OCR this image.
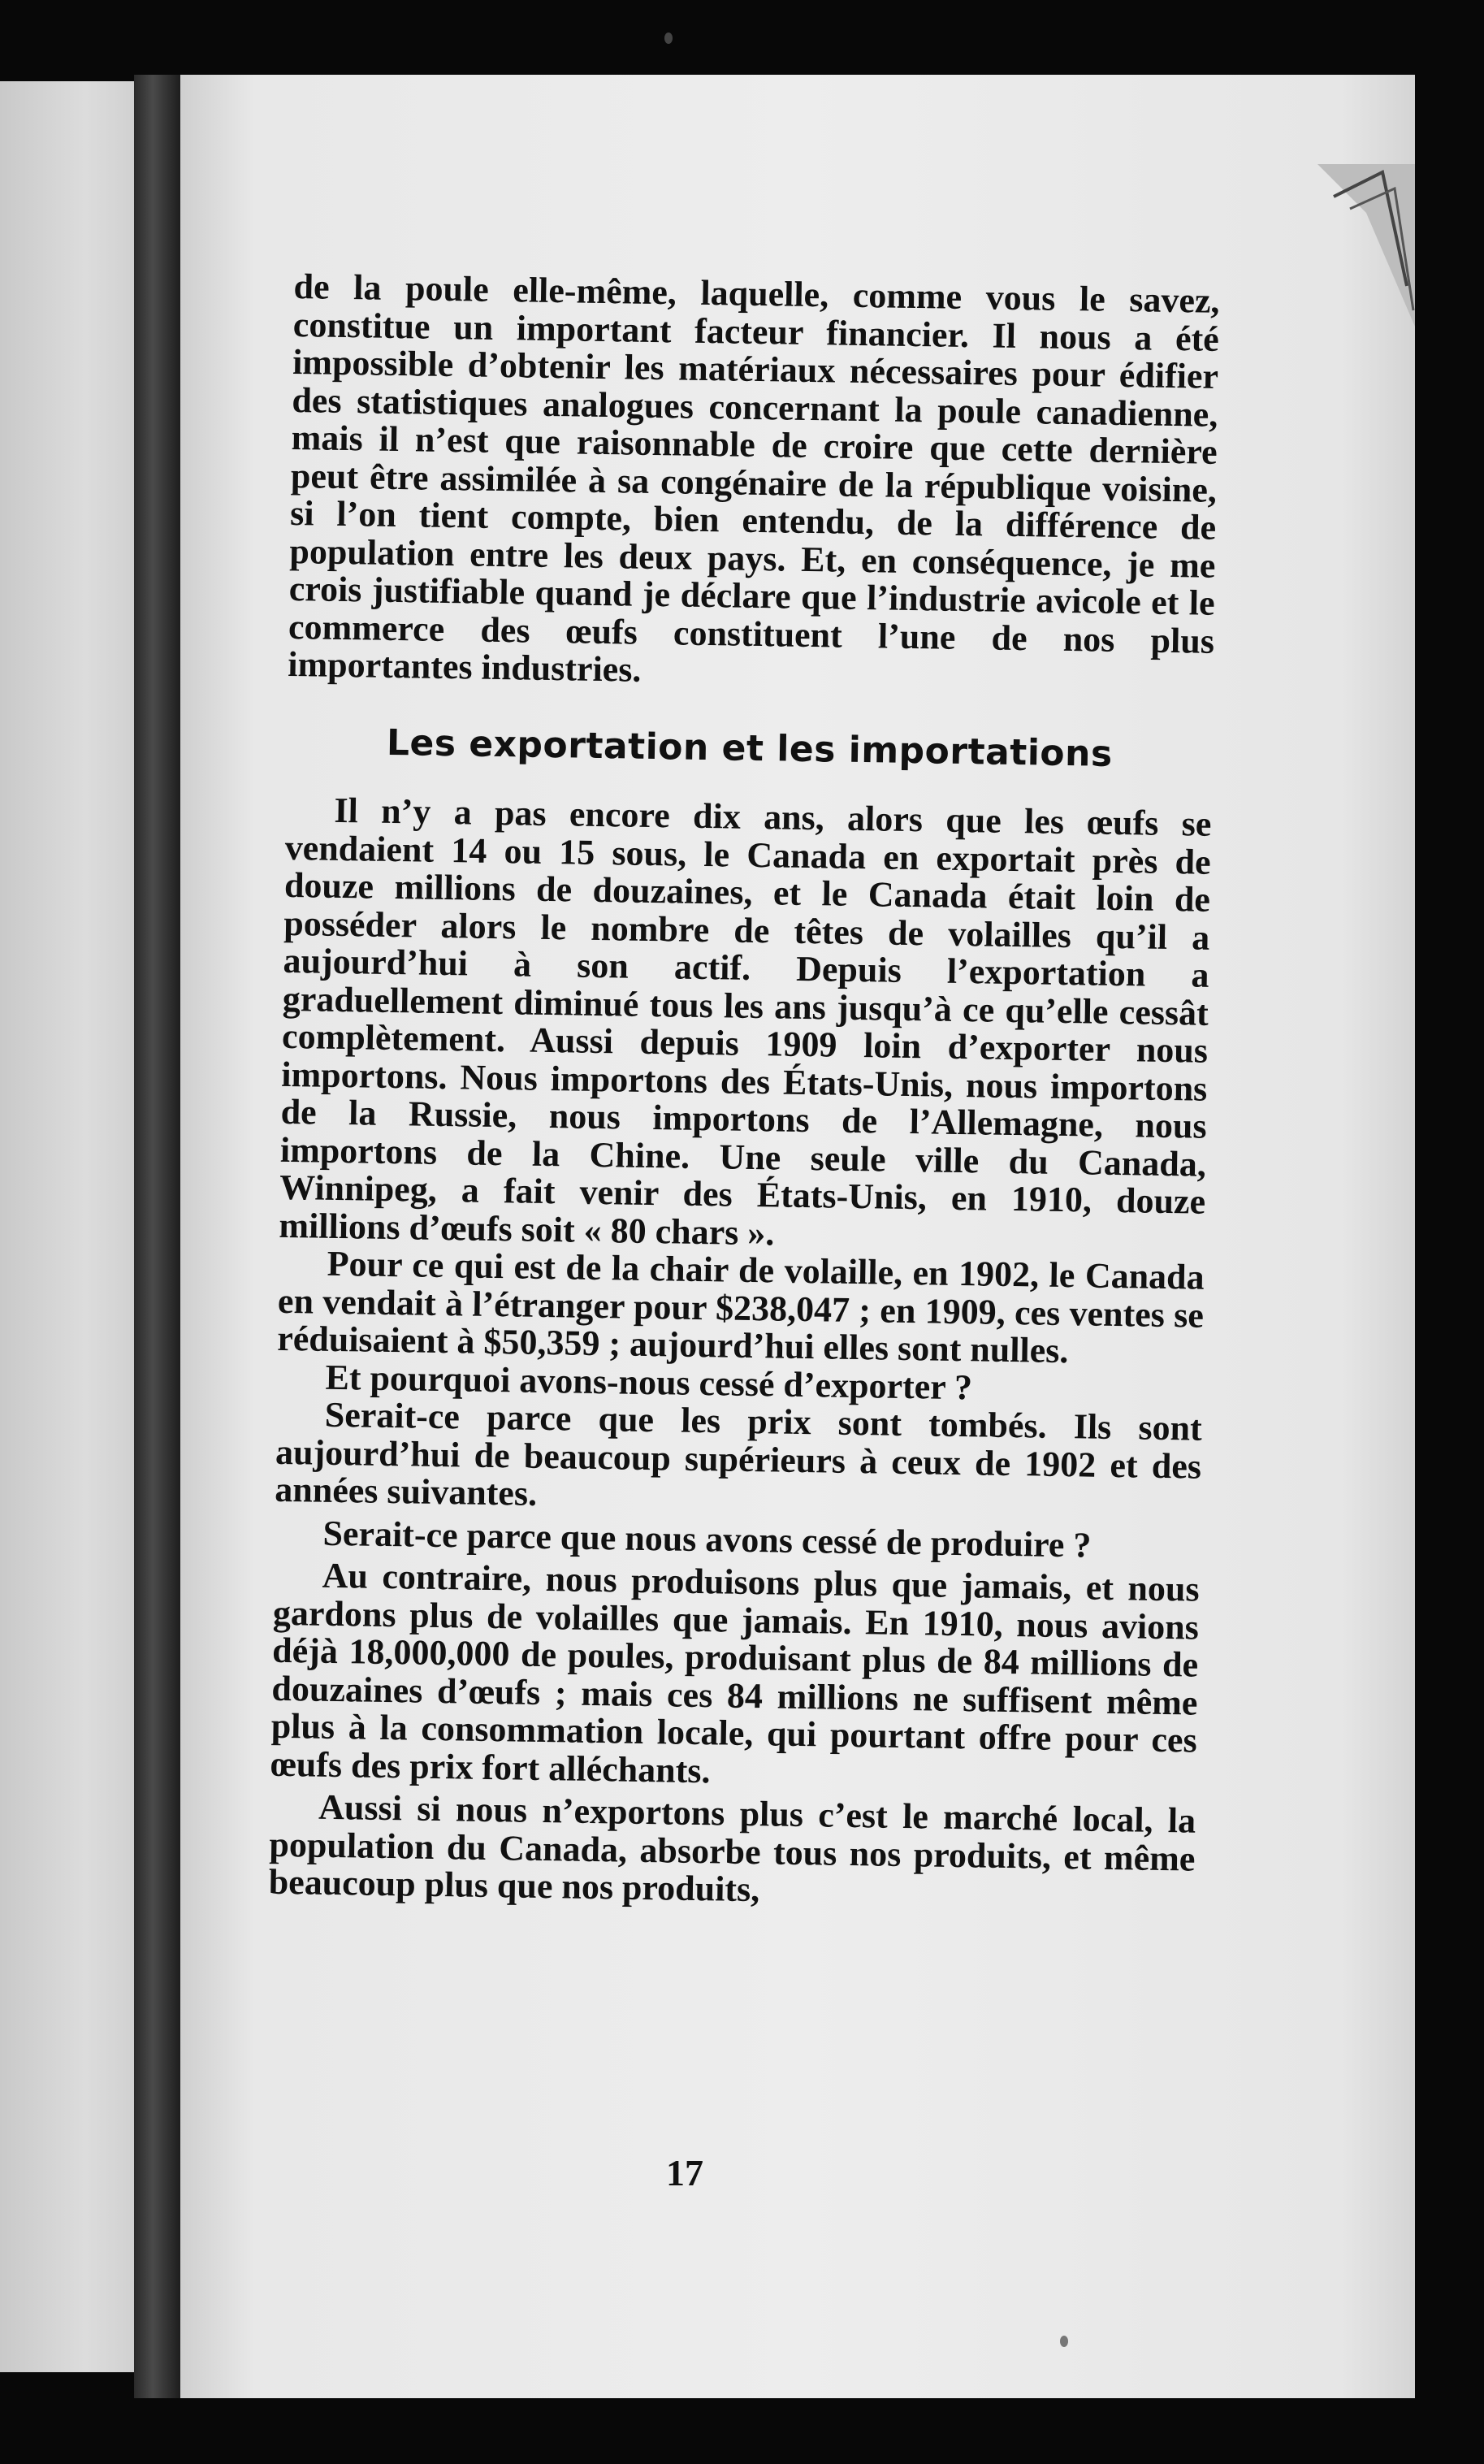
de la poule elle-même, laquelle, comme vous le savez, constitue un important facteur financier. Il nous a été impossible d’obtenir les matériaux nécessaires pour édifier des statistiques analogues concernant la poule canadienne, mais il n’est que raisonnable de croire que cette dernière peut être assimilée à sa congénaire de la république voisine, si l’on tient compte, bien entendu, de la différence de population entre les deux pays. Et, en conséquence, je me crois justifiable quand je déclare que l’industrie avicole et le commerce des œufs constituent l’une de nos plus importantes industries.

Les exportation et les importations

Il n’y a pas encore dix ans, alors que les œufs se vendaient 14 ou 15 sous, le Canada en exportait près de douze millions de douzaines, et le Canada était loin de posséder alors le nombre de têtes de volailles qu’il a aujourd’hui à son actif. Depuis l’exportation a graduellement diminué tous les ans jusqu’à ce qu’elle cessât complètement. Aussi depuis 1909 loin d’exporter nous importons. Nous importons des États-Unis, nous importons de la Russie, nous importons de l’Allemagne, nous importons de la Chine. Une seule ville du Canada, Winnipeg, a fait venir des États-Unis, en 1910, douze millions d’œufs soit « 80 chars ».

Pour ce qui est de la chair de volaille, en 1902, le Canada en vendait à l’étranger pour $238,047 ; en 1909, ces ventes se réduisaient à $50,359 ; aujourd’hui elles sont nulles.

Et pourquoi avons-nous cessé d’exporter ?

Serait-ce parce que les prix sont tombés. Ils sont aujourd’hui de beaucoup supérieurs à ceux de 1902 et des années suivantes.

Serait-ce parce que nous avons cessé de produire ?

Au contraire, nous produisons plus que jamais, et nous gardons plus de volailles que jamais. En 1910, nous avions déjà 18,000,000 de poules, produisant plus de 84 millions de douzaines d’œufs ; mais ces 84 millions ne suffisent même plus à la consommation locale, qui pourtant offre pour ces œufs des prix fort alléchants.

Aussi si nous n’exportons plus c’est le marché local, la population du Canada, absorbe tous nos produits, et même beaucoup plus que nos produits,

17
